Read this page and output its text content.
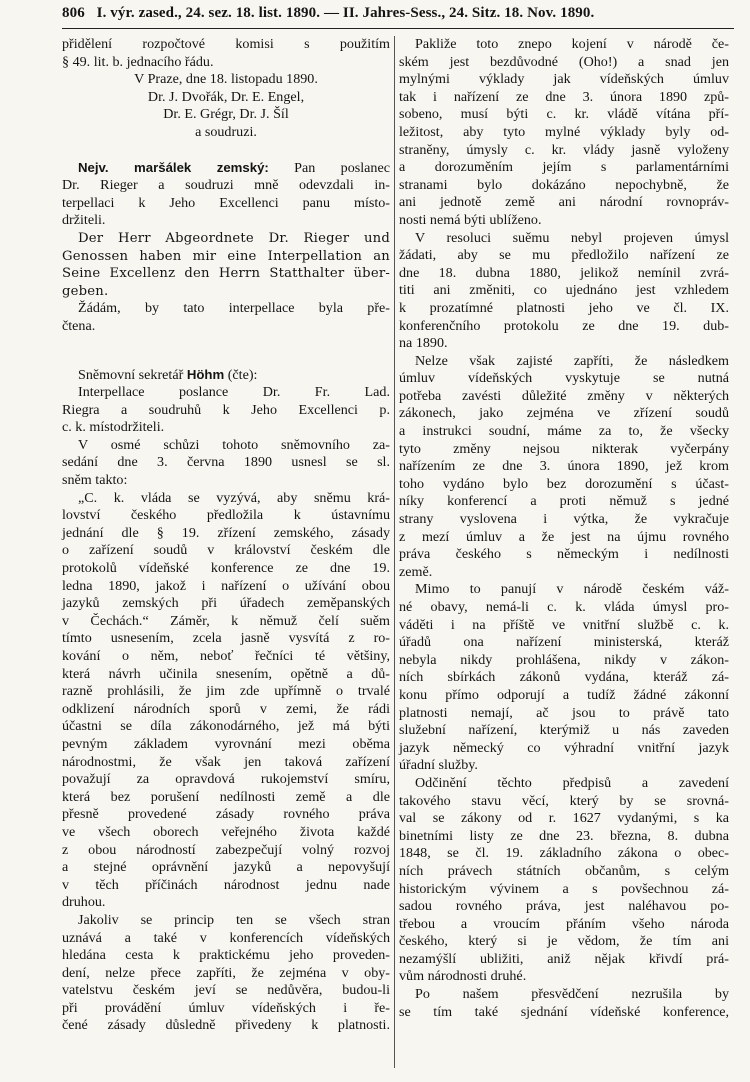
806 I. výr. zased., 24. sez. 18. list. 1890. — II. Jahres-Sess., 24. Sitz. 18. Nov. 1890.
přidělení rozpočtové komisi s použitím
§ 49. lit. b. jednacího řádu.
V Praze, dne 18. listopadu 1890.
Dr. J. Dvořák, Dr. E. Engel,
Dr. E. Grégr, Dr. J. Šíl
a soudruzi.
Nejv. maršálek zemský: Pan poslanec
Dr. Rieger a soudruzi mně odevzdali in-
terpellaci k Jeho Excellenci panu místo-
držiteli.
Der Herr Abgeordnete Dr. Rieger und
Genossen haben mir eine Interpellation an
Seine Excellenz den Herrn Statthalter über-
geben.
Žádám, by tato interpellace byla pře-
čtena.
Sněmovní sekretář Höhm (čte):
Interpellace poslance Dr. Fr. Lad.
Riegra a soudruhů k Jeho Excellenci p.
c. k. místodržiteli.
V osmé schůzi tohoto sněmovního za-
sedání dne 3. června 1890 usnesl se sl.
sněm takto:
„C. k. vláda se vyzývá, aby sněmu krá-
lovství českého předložila k ústavnímu
jednání dle § 19. zřízení zemského, zásady
o zařízení soudů v království českém dle
protokolů vídeňské konference ze dne 19.
ledna 1890, jakož i nařízení o užívání obou
jazyků zemských při úřadech zeměpanských
v Čechách.“ Záměr, k němuž čelí suěm
tímto usnesením, zcela jasně vysvítá z ro-
kování o něm, neboť řečníci té většiny,
která návrh učinila snesením, opětně a dů-
razně prohlásili, že jim zde upřímně o trvalé
odklizení národních sporů v zemi, že rádi
účastni se díla zákonodárného, jež má býti
pevným základem vyrovnání mezi oběma
národnostmi, že však jen taková zařízení
považují za opravdová rukojemství smíru,
která bez porušení nedílnosti země a dle
přesně provedené zásady rovného práva
ve všech oborech veřejného života každé
z obou národností zabezpečují volný rozvoj
a stejné oprávnění jazyků a nepovyšují
v těch příčinách národnost jednu nade
druhou.
Jakoliv se princip ten se všech stran
uznává a také v konferencích vídeňských
hledána cesta k praktickému jeho proveden-
dení, nelze přece zapříti, že zejména v oby-
vatelstvu českém jeví se nedůvěra, budou-li
při provádění úmluv vídeňských i ře-
čené zásady důsledně přivedeny k platnosti.
Pakliže toto znepo kojení v národě če-
ském jest bezdůvodné (Oho!) a snad jen
mylnými výklady jak vídeňských úmluv
tak i nařízení ze dne 3. února 1890 způ-
sobeno, musí býti c. kr. vládě vítána pří-
ležitost, aby tyto mylné výklady byly od-
straněny, úmysly c. kr. vlády jasně vyloženy
a dorozuměním jejím s parlamentárními
stranami bylo dokázáno nepochybně, že
ani jednotě země ani národní rovnopráv-
nosti nemá býti ublíženo.
V resoluci suěmu nebyl projeven úmysl
žádati, aby se mu předložilo nařízení ze
dne 18. dubna 1880, jelikož nemínil zvrá-
titi ani změniti, co ujednáno jest vzhledem
k prozatímné platnosti jeho ve čl. IX.
konferenčního protokolu ze dne 19. dub-
na 1890.
Nelze však zajisté zapříti, že následkem
úmluv vídeňských vyskytuje se nutná
potřeba zavésti důležité změny v některých
zákonech, jako zejména ve zřízení soudů
a instrukci soudní, máme za to, že všecky
tyto změny nejsou nikterak vyčerpány
nařízením ze dne 3. února 1890, jež krom
toho vydáno bylo bez dorozumění s účast-
níky konferencí a proti němuž s jedné
strany vyslovena i výtka, že vykračuje
z mezí úmluv a že jest na újmu rovného
práva českého s německým i nedílnosti
země.
Mimo to panují v národě českém váž-
né obavy, nemá-li c. k. vláda úmysl pro-
váděti i na příště ve vnitřní službě c. k.
úřadů ona nařízení ministerská, kteráž
nebyla nikdy prohlášena, nikdy v zákon-
ních sbírkách zákonů vydána, kteráž zá-
konu přímo odporují a tudíž žádné zákonní
platnosti nemají, ač jsou to právě tato
služební nařízení, kterýmiž u nás zaveden
jazyk německý co výhradní vnitřní jazyk
úřadní služby.
Odčinění těchto předpisů a zavedení
takového stavu věcí, který by se srovná-
val se zákony od r. 1627 vydanými, s ka
binetními listy ze dne 23. března, 8. dubna
1848, se čl. 19. základního zákona o obec-
ních právech státních občanům, s celým
historickým vývinem a s povšechnou zá-
sadou rovného práva, jest naléhavou po-
třebou a vroucím přáním všeho národa
českého, který si je vědom, že tím ani
nezamýšlí ubližiti, aniž nějak křivdí prá-
vům národnosti druhé.
Po našem přesvědčení nezrušila by
se tím také sjednání vídeňské konference,
